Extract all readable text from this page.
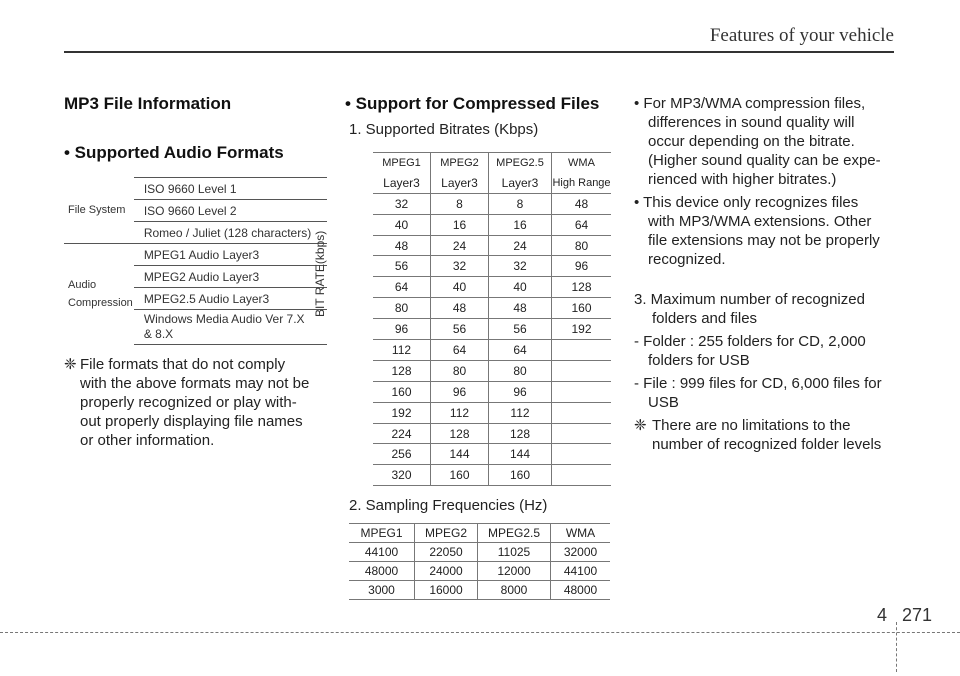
Features of your vehicle
MP3 File Information
• Supported Audio Formats
File System	ISO 9660 Level 1
	ISO 9660 Level 2
	Romeo / Juliet (128 characters)

Audio
Compression	MPEG1 Audio Layer3
	MPEG2 Audio Layer3
	MPEG2.5 Audio Layer3

	Windows Media Audio Ver 7.X
& 8.X
❈ File formats that do not comply
with the above formats may not be
properly recognized or play with-
out properly displaying file names
or other information.
• Support for Compressed Files
1. Supported Bitrates (Kbps)
BIT RATE(kbps)
MPEG1	MPEG2	MPEG2.5	WMA
Layer3	Layer3	Layer3	High Range
32	8	8	48
40	16	16	64
48	24	24	80
56	32	32	96
64	40	40	128
80	48	48	160
96	56	56	192
112	64	64	
128	80	80	
160	96	96	
192	112	112	
224	128	128	
256	144	144	
320	160	160	
2. Sampling Frequencies (Hz)
MPEG1	MPEG2	MPEG2.5	WMA
44100	22050	11025	32000
48000	24000	12000	44100
3000	16000	8000	48000
• For MP3/WMA compression files,
differences in sound quality will
occur depending on the bitrate.
(Higher sound quality can be expe-
rienced with higher bitrates.)
• This device only recognizes files
with MP3/WMA extensions. Other
file extensions may not be properly
recognized.
3. Maximum number of recognized
folders and files
- Folder : 255 folders for CD, 2,000
folders for USB
- File : 999 files for CD, 6,000 files for
USB
❈ There are no limitations to the
number of recognized folder levels
4 271
